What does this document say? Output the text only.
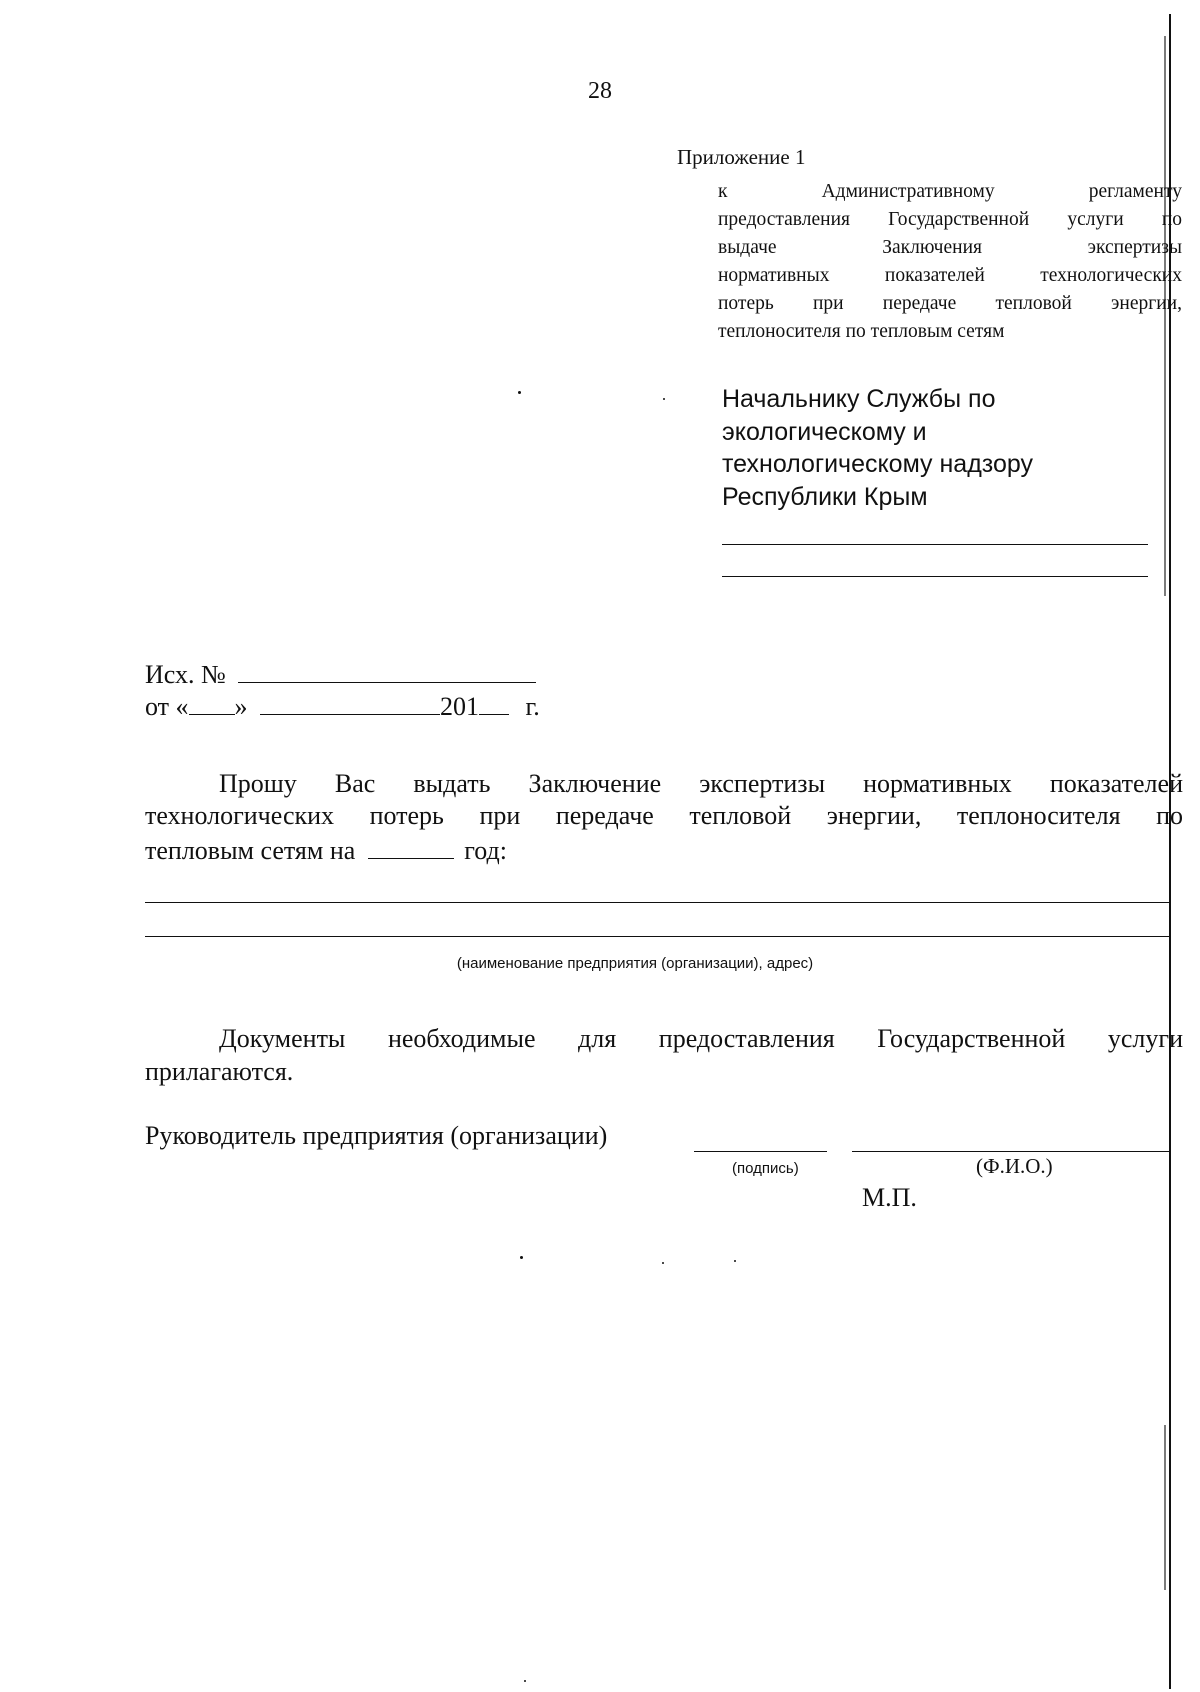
28
Приложение 1
к Административному регламенту
предоставления Государственной услуги по
выдаче Заключения экспертизы
нормативных показателей технологических
потерь при передаче тепловой энергии,
теплоносителя по тепловым сетям
Начальнику Службы по
экологическому и
технологическому надзору
Республики Крым
Исх. №
от « »	201 г.
Прошу Вас выдать Заключение экспертизы нормативных показателей
технологических потерь при передаче тепловой энергии, теплоносителя по
тепловым сетям на	год:
(наименование предприятия (организации), адрес)
Документы необходимые для предоставления Государственной услуги
прилагаются.
Руководитель предприятия (организации)
(подпись)	(Ф.И.О.)
М.П.
